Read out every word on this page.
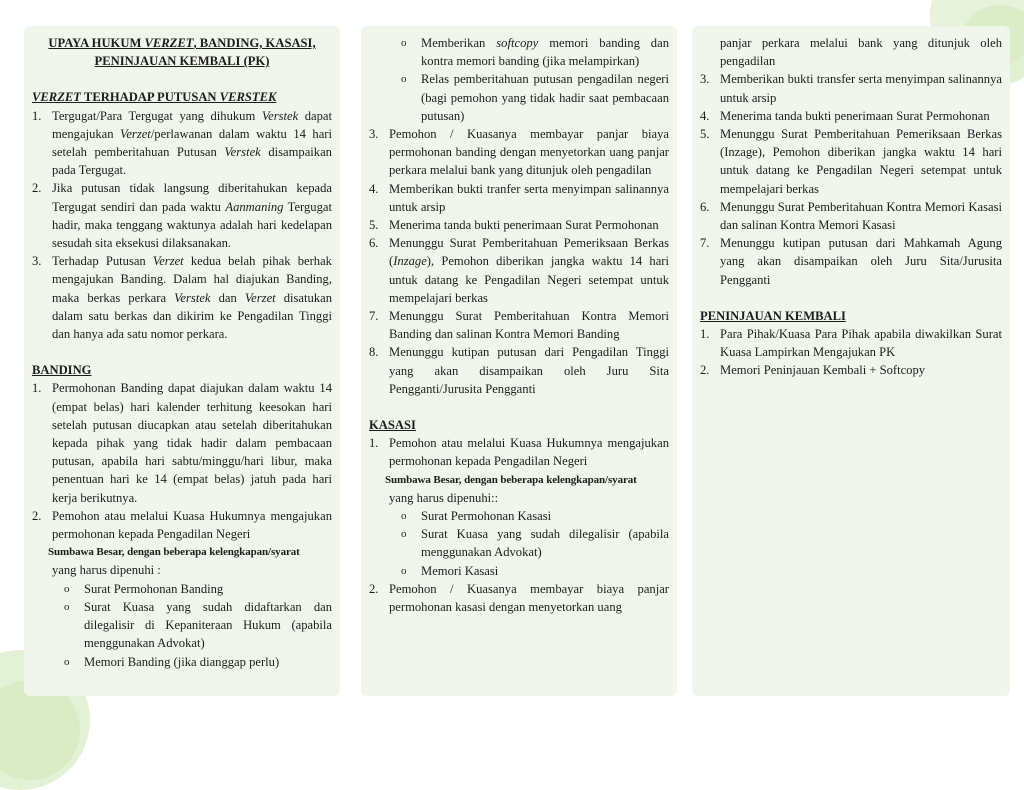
UPAYA HUKUM VERZET, BANDING, KASASI,
PENINJAUAN KEMBALI (PK)

VERZET TERHADAP PUTUSAN VERSTEK

1. Tergugat/Para Tergugat yang dihukum Verstek dapat mengajukan Verzet/perlawanan dalam waktu 14 hari setelah pemberitahuan Putusan Verstek disampaikan pada Tergugat.
2. Jika putusan tidak langsung diberitahukan kepada Tergugat sendiri dan pada waktu Aanmaning Tergugat hadir, maka tenggang waktunya adalah hari kedelapan sesudah sita eksekusi dilaksanakan.
3. Terhadap Putusan Verzet kedua belah pihak berhak mengajukan Banding. Dalam hal diajukan Banding, maka berkas perkara Verstek dan Verzet disatukan dalam satu berkas dan dikirim ke Pengadilan Tinggi dan hanya ada satu nomor perkara.

BANDING

1. Permohonan Banding dapat diajukan dalam waktu 14 (empat belas) hari kalender terhitung keesokan hari setelah putusan diucapkan atau setelah diberitahukan kepada pihak yang tidak hadir dalam pembacaan putusan, apabila hari sabtu/minggu/hari libur, maka penentuan hari ke 14 (empat belas) jatuh pada hari kerja berikutnya.
2. Pemohon atau melalui Kuasa Hukumnya mengajukan permohonan kepada Pengadilan Negeri
Sumbawa Besar, dengan beberapa kelengkapan/syarat
yang harus dipenuhi :
o Surat Permohonan Banding
o Surat Kuasa yang sudah didaftarkan dan dilegalisir di Kepaniteraan Hukum (apabila menggunakan Advokat)
o Memori Banding (jika dianggap perlu)
o Memberikan softcopy memori banding dan kontra memori banding (jika melampirkan)
o Relas pemberitahuan putusan pengadilan negeri (bagi pemohon yang tidak hadir saat pembacaan putusan)
3. Pemohon / Kuasanya membayar panjar biaya permohonan banding dengan menyetorkan uang panjar perkara melalui bank yang ditunjuk oleh pengadilan
4. Memberikan bukti tranfer serta menyimpan salinannya untuk arsip
5. Menerima tanda bukti penerimaan Surat Permohonan
6. Menunggu Surat Pemberitahuan Pemeriksaan Berkas (Inzage), Pemohon diberikan jangka waktu 14 hari untuk datang ke Pengadilan Negeri setempat untuk mempelajari berkas
7. Menunggu Surat Pemberitahuan Kontra Memori Banding dan salinan Kontra Memori Banding
8. Menunggu kutipan putusan dari Pengadilan Tinggi yang akan disampaikan oleh Juru Sita Pengganti/Jurusita Pengganti

KASASI

1. Pemohon atau melalui Kuasa Hukumnya mengajukan permohonan kepada Pengadilan Negeri
Sumbawa Besar, dengan beberapa kelengkapan/syarat
yang harus dipenuhi::
o Surat Permohonan Kasasi
o Surat Kuasa yang sudah dilegalisir (apabila menggunakan Advokat)
o Memori Kasasi
2. Pemohon / Kuasanya membayar biaya panjar permohonan kasasi dengan menyetorkan uang

panjar perkara melalui bank yang ditunjuk oleh pengadilan

3. Memberikan bukti transfer serta menyimpan salinannya untuk arsip
4. Menerima tanda bukti penerimaan Surat Permohonan
5. Menunggu Surat Pemberitahuan Pemeriksaan Berkas (Inzage), Pemohon diberikan jangka waktu 14 hari untuk datang ke Pengadilan Negeri setempat untuk mempelajari berkas
6. Menunggu Surat Pemberitahuan Kontra Memori Kasasi dan salinan Kontra Memori Kasasi
7. Menunggu kutipan putusan dari Mahkamah Agung yang akan disampaikan oleh Juru Sita/Jurusita Pengganti

PENINJAUAN KEMBALI

1. Para Pihak/Kuasa Para Pihak apabila diwakilkan Surat Kuasa Lampirkan Mengajukan PK
2. Memori Peninjauan Kembali + Softcopy
